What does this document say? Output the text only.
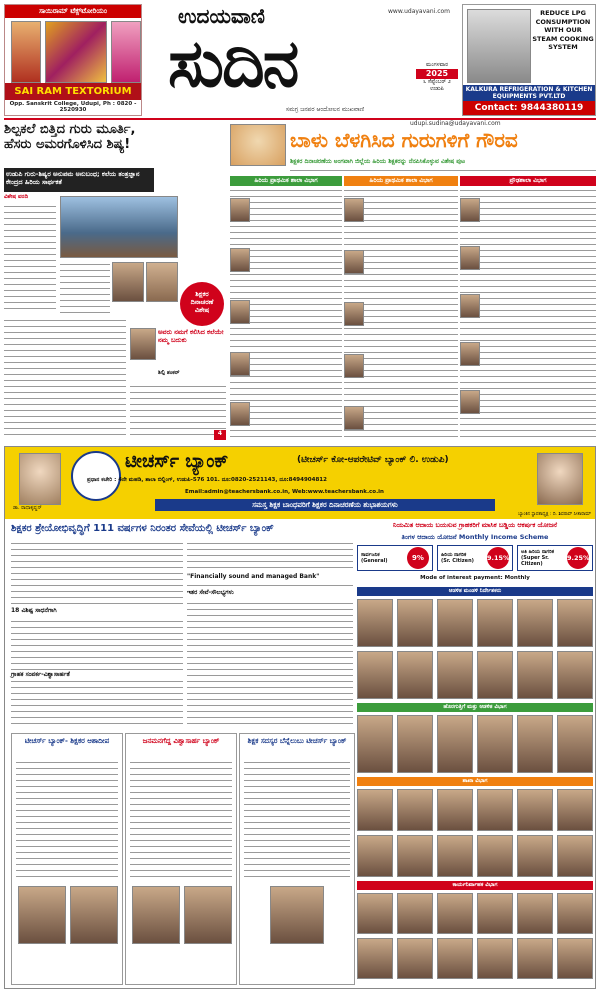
ಸಾಯಿರಾಮ್ ಟೆಕ್ಸ್‌ಟೋರಿಯಂ
SAI RAM TEXTORIUM
Opp. Sanskrit College, Udupi, Ph : 0820 - 2520930
ಉದಯವಾಣಿ	www.udayavani.com
ಸುದಿನ	ಮಂಗಳವಾರ
2025
೬ ಸೆಪ್ಟೆಂಬರ್ ೨
ಉಡುಪಿ
REDUCE LPG CONSUMPTION WITH OUR STEAM COOKING SYSTEM
KALKURA REFRIGERATION & KITCHEN EQUIPMENTS PVT.LTD
Contact: 9844380119
ಸಮಗ್ರ ಜನಪರ ಆಂದೋಲನ ಮುಖವಾಣಿ
udupi.sudina@udayavani.com
ಶಿಲ್ಪಕಲೆ ಬಿತ್ತಿದ ಗುರು ಮೂರ್ತಿ, ಹೆಸರು ಅಮರಗೊಳಿಸಿದ ಶಿಷ್ಯ!
ಉಡುಪಿ ಗುರು-ಶಿಷ್ಯರ ಅನುಪಮ ಅನುಬಂಧ; ಕಲೆಯ ತಂತ್ರಜ್ಞಾನ ಕೇಂದ್ರದ ಹಿರಿಯ ಸಾರ್ಥಕತೆ
ವಿಶೇಷ ವರದಿ
ಶಿಕ್ಷಕರ ದಿನಾಚರಣೆ ವಿಶೇಷ
ಅವರು ನಮಗೆ ಕಲಿಸಿದ ಕಲೆಯೇ ನಮ್ಮ ಬದುಕು
ಶಿಲ್ಪಿ ಶಂಕರ್
4
ಬಾಳು ಬೆಳಗಿಸಿದ ಗುರುಗಳಿಗೆ ಗೌರವ
ಶಿಕ್ಷಕರ ದಿನಾಚರಣೆಯ ಅಂಗವಾಗಿ ಜಿಲ್ಲೆಯ ಹಿರಿಯ ಶಿಕ್ಷಕರನ್ನು ನೆನಪಿಸಿಕೊಳ್ಳುವ ವಿಶೇಷ ಪುಟ
ಹಿರಿಯ ಪ್ರಾಥಮಿಕ ಶಾಲಾ ವಿಭಾಗ	ಹಿರಿಯ ಪ್ರಾಥಮಿಕ ಶಾಲಾ ವಿಭಾಗ	ಪ್ರೌಢಶಾಲಾ ವಿಭಾಗ
ಡಾ. ರಾಧಾಕೃಷ್ಣನ್
ಟೀಚರ್ಸ್ ಬ್ಯಾಂಕ್	(ಟೀಚರ್ಸ್ ಕೋ-ಆಪರೇಟಿವ್ ಬ್ಯಾಂಕ್ ಲಿ. ಉಡುಪಿ)
ಪ್ರಧಾನ ಕಚೇರಿ : 4ನೇ ಮಹಡಿ, ಶಾಲಾ ಬಿಲ್ಡಿಂಗ್, ಉಡುಪಿ-576 101. ದೂ:0820-2521143, ದೂ:8494904812
Email:admin@teachersbank.co.in, Web:www.teachersbank.co.in
ಸಮಸ್ತ ಶಿಕ್ಷಕ ಬಾಂಧವರಿಗೆ ಶಿಕ್ಷಕರ ದಿನಾಚರಣೆಯ ಶುಭಾಶಯಗಳು
ಬ್ಯಾಂಕಿನ ಸ್ಥಾಪಕಾಧ್ಯಕ್ಷ : ದಿ. ಶಿವರಾವ್ ಸೀತಾರಾಮ್
ಶಿಕ್ಷಕರ ಶ್ರೇಯೋಭಿವೃದ್ಧಿಗೆ 111 ವರ್ಷಗಳ ನಿರಂತರ ಸೇವೆಯಲ್ಲಿ ಟೀಚರ್ಸ್ ಬ್ಯಾಂಕ್
18 ವಿಶಿಷ್ಟ ಸಾಧನೆಗಾಗಿ
ಗ್ರಾಹಕ ಸಂಪರ್ಕ-ವಿಶ್ವಾಸಾರ್ಹತೆ
"Financially sound and managed Bank"
ಇತರ ಸೇವೆ-ಸೌಲಭ್ಯಗಳು
ನಿಯಮಿತ ಆದಾಯ ಬಯಸುವ ಗ್ರಾಹಕರಿಗೆ ಮಾಸಿಕ ಬಡ್ಡಿಯ ಆಕರ್ಷಕ ಯೋಜನೆ
ತಿಂಗಳ ಆದಾಯ ಯೋಜನೆ Monthly Income Scheme
ಸಾರ್ವಜನಿಕ (General)	9%	ಹಿರಿಯ ನಾಗರಿಕ (Sr. Citizen)	9.15%
ಅತಿ ಹಿರಿಯ ನಾಗರಿಕ (Super Sr. Citizen)
9.25%
Mode of interest payment: Monthly
ಆಡಳಿತ ಮಂಡಳಿ ನಿರ್ದೇಶಕರು
ಹೊರಗುತ್ತಿಗೆ ಮತ್ತು ಆಡಳಿತ ವಿಭಾಗ
ಶಾಖಾ ವಿಭಾಗ
ಕಾರ್ಯನಿರ್ವಾಹಕ ವಿಭಾಗ
ಟೀಚರ್ಸ್ ಬ್ಯಾಂಕ್- ಶಿಕ್ಷಕರ ಆಶಾದೀಪ	ಜನಮನಗೆದ್ದ ವಿಶ್ವಾಸಾರ್ಹ ಬ್ಯಾಂಕ್	ಶಿಕ್ಷಕ ಸದಸ್ಯರ ಬೆನ್ನೆಲುಬು ಟೀಚರ್ಸ್ ಬ್ಯಾಂಕ್
